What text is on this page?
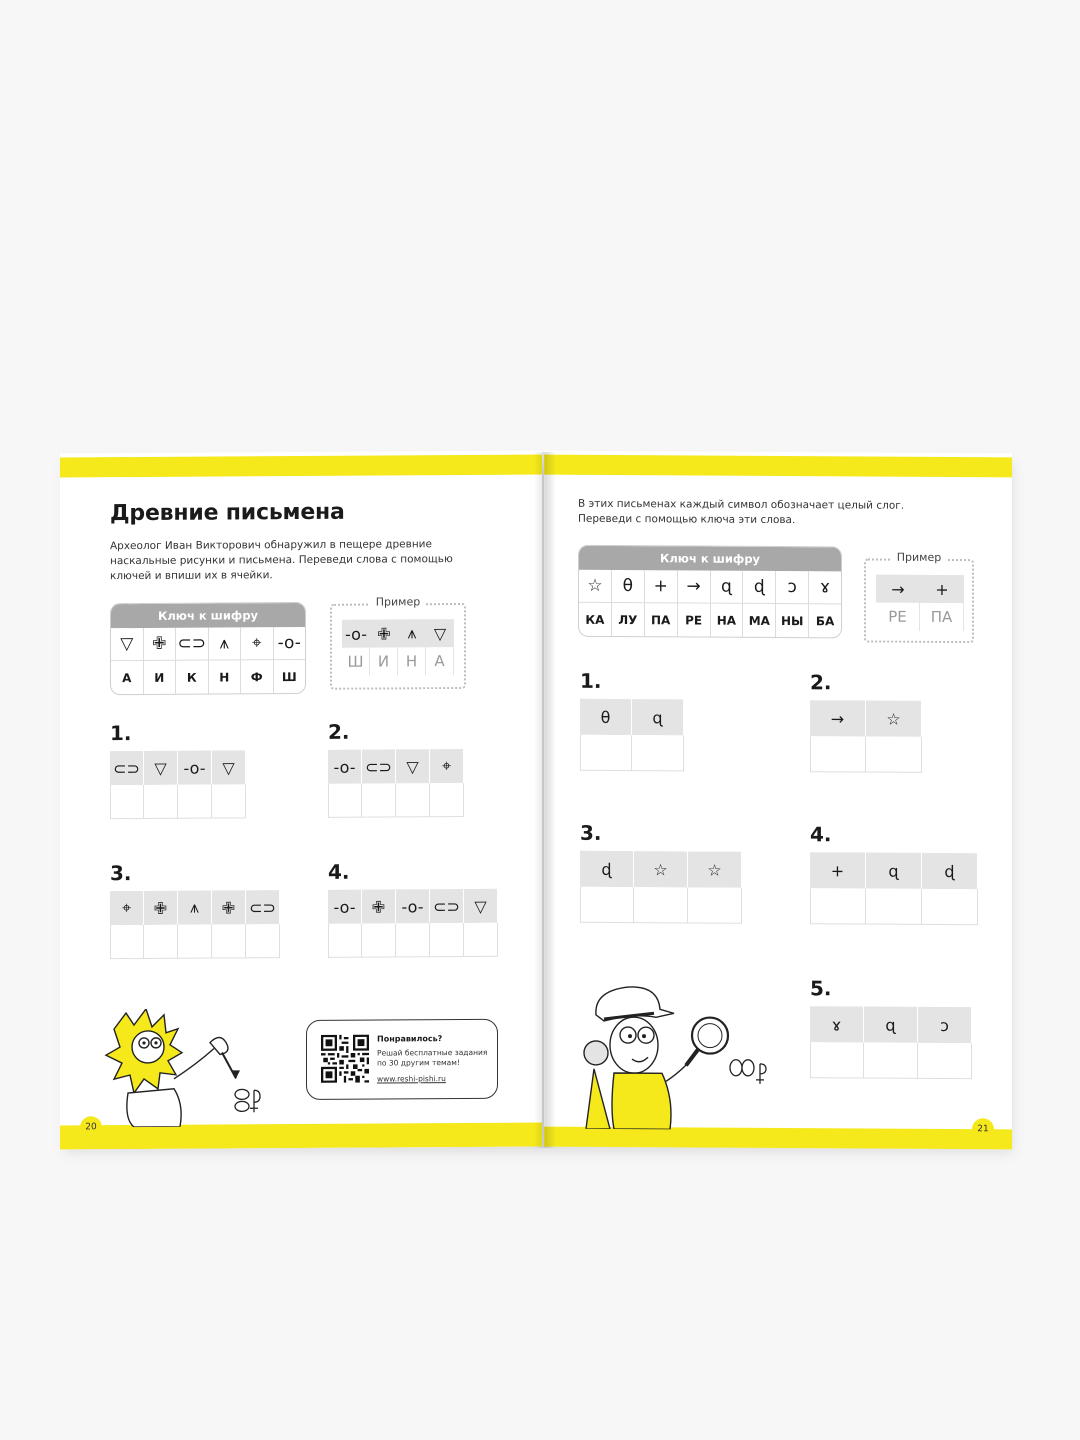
20
Древние письмена
Археолог Иван Викторович обнаружил в пещере древние
наскальные рисунки и письмена. Переведи слова с помощью
ключей и впиши их в ячейки.
Ключ к шифру
▽	✙ ⊂⊃ ⩚	⌖ -o-
А	И	К	Н	Ф	Ш
Пример
-o- ✙	⩚	▽
Ш И	Н	А
1.
⊂⊃ ▽	-o-	▽
2.
-o- ⊂⊃ ▽	⌖
3.
⌖	✙	⩚	✙ ⊂⊃
4.
-o-	✙	-o- ⊂⊃ ▽
Понравилось?
Решай бесплатные задания по 30 другим темам!
www.reshi-pishi.ru
21
В этих письменах каждый символ обозначает целый слог.
Переведи с помощью ключа эти слова.
Ключ к шифру
☆	θ	+	→	ɋ	ɖ	ɔ	ɤ
КА	ЛУ	ПА	РЕ	НА	МА НЫ	БА
Пример
→	+
РЕ	ПА
1.
θ	ɋ
2.
→	☆
3.
ɖ	☆	☆
4.
+	ɋ	ɖ
5.
ɤ	ɋ	ɔ
